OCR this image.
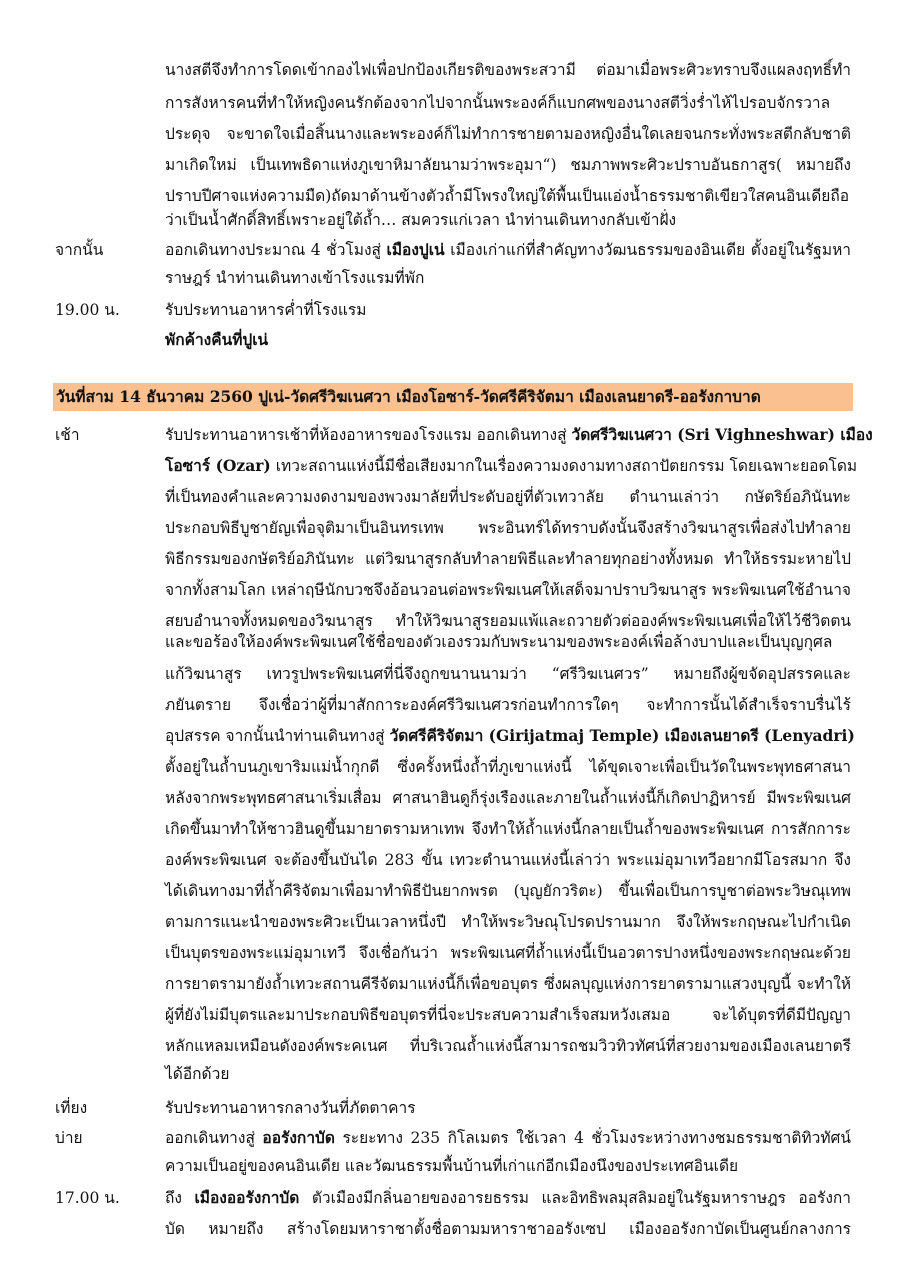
นางสตีจึงทำการโดดเข้ากองไฟเพื่อปกป้องเกียรติของพระสวามี ต่อมาเมื่อพระศิวะทราบจึงแผลงฤทธิ์ทำ
การสังหารคนที่ทำให้หญิงคนรักต้องจากไปจากนั้นพระองค์ก็แบกศพของนางสตีวิ่งร่ำไห้ไปรอบจักรวาล
ประดุจ จะขาดใจเมื่อสิ้นนางและพระองค์ก็ไม่ทำการชายตามองหญิงอื่นใดเลยจนกระทั่งพระสตีกลับชาติ
มาเกิดใหม่ เป็นเทพธิดาแห่งภูเขาหิมาลัยนามว่าพระอุมา“) ชมภาพพระศิวะปราบอันธกาสูร( หมายถึง
ปราบปีศาจแห่งความมืด)ถัดมาด้านข้างตัวถ้ำมีโพรงใหญ่ใต้พื้นเป็นแอ่งน้ำธรรมชาติเขียวใสคนอินเดียถือ
ว่าเป็นน้ำศักดิ์สิทธิ์เพราะอยู่ใต้ถ้ำ… สมควรแก่เวลา นำท่านเดินทางกลับเข้าฝั่ง
จากนั้น	ออกเดินทางประมาณ 4 ชั่วโมงสู่ เมืองปูเน่ เมืองเก่าแก่ที่สำคัญทางวัฒนธรรมของอินเดีย ตั้งอยู่ในรัฐมหา
ราษฎร์ นำท่านเดินทางเข้าโรงแรมที่พัก
19.00 น.	รับประทานอาหารค่ำที่โรงแรม
พักค้างคืนที่ปูเน่
วันที่สาม 14 ธันวาคม 2560 ปูเน่-วัดศรีวิฆเนศวา เมืองโอซาร์-วัดศรีคีริจัตมา เมืองเลนยาดรี-ออรังกาบาด
เช้า	รับประทานอาหารเช้าที่ห้องอาหารของโรงแรม ออกเดินทางสู่ วัดศรีวิฆเนศวา (Sri Vighneshwar) เมือง
โอซาร์ (Ozar) เทวะสถานแห่งนี้มีชื่อเสียงมากในเรื่องความงดงามทางสถาปัตยกรรม โดยเฉพาะยอดโดม
ที่เป็นทองคำและความงดงามของพวงมาลัยที่ประดับอยู่ที่ตัวเทวาลัย ตำนานเล่าว่า กษัตริย์อภินันทะ
ประกอบพิธีบูชายัญเพื่อจุติมาเป็นอินทรเทพ พระอินทร์ได้ทราบดังนั้นจึงสร้างวิฆนาสูรเพื่อส่งไปทำลาย
พิธีกรรมของกษัตริย์อภินันทะ แต่วิฆนาสูรกลับทำลายพิธีและทำลายทุกอย่างทั้งหมด ทำให้ธรรมะหายไป
จากทั้งสามโลก เหล่าฤษีนักบวชจึงอ้อนวอนต่อพระพิฆเนศให้เสด็จมาปราบวิฆนาสูร พระพิฆเนศใช้อำนาจ
สยบอำนาจทั้งหมดของวิฆนาสูร ทำให้วิฆนาสูรยอมแพ้และถวายตัวต่อองค์พระพิฆเนศเพื่อให้ไว้ชีวิตตน
และขอร้องให้องค์พระพิฆเนศใช้ชื่อของตัวเองรวมกับพระนามของพระองค์เพื่อล้างบาปและเป็นบุญกุศล
แก้วิฆนาสูร เทวรูปพระพิฆเนศที่นี่จึงถูกขนานนามว่า “ศรีวิฆเนศวร” หมายถึงผู้ขจัดอุปสรรคและ
ภยันตราย จึงเชื่อว่าผู้ที่มาสักการะองค์ศรีวิฆเนศวรก่อนทำการใดๆ จะทำการนั้นได้สำเร็จราบรื่นไร้
อุปสรรค จากนั้นนำท่านเดินทางสู่ วัดศรีคีริจัตมา (Girijatmaj Temple) เมืองเลนยาดรี (Lenyadri)
ตั้งอยู่ในถ้ำบนภูเขาริมแม่น้ำกุกดี ซึ่งครั้งหนึ่งถ้ำที่ภูเขาแห่งนี้ ได้ขุดเจาะเพื่อเป็นวัดในพระพุทธศาสนา
หลังจากพระพุทธศาสนาเริ่มเสื่อม ศาสนาฮินดูก็รุ่งเรืองและภายในถ้ำแห่งนี้ก็เกิดปาฏิหารย์ มีพระพิฆเนศ
เกิดขึ้นมาทำให้ชาวฮินดูขึ้นมายาตรามหาเทพ จึงทำให้ถ้ำแห่งนี้กลายเป็นถ้ำของพระพิฆเนศ การสักการะ
องค์พระพิฆเนศ จะต้องขึ้นบันได 283 ขั้น เทวะตำนานแห่งนี้เล่าว่า พระแม่อุมาเทวีอยากมีโอรสมาก จึง
ได้เดินทางมาที่ถ้ำคีริจัตมาเพื่อมาทำพิธีปันยากพรต (บุญยักวริตะ) ขึ้นเพื่อเป็นการบูชาต่อพระวิษณุเทพ
ตามการแนะนำของพระศิวะเป็นเวลาหนึ่งปี ทำให้พระวิษณุโปรดปรานมาก จึงให้พระกฤษณะไปกำเนิด
เป็นบุตรของพระแม่อุมาเทวี จึงเชื่อกันว่า พระพิฆเนศที่ถ้ำแห่งนี้เป็นอวตารปางหนึ่งของพระกฤษณะด้วย
การยาตรามายังถ้ำเทวะสถานคีรีจัตมาแห่งนี้ก็เพื่อขอบุตร ซึ่งผลบุญแห่งการยาตรามาแสวงบุญนี้ จะทำให้
ผู้ที่ยังไม่มีบุตรและมาประกอบพิธีขอบุตรที่นี่จะประสบความสำเร็จสมหวังเสมอ จะได้บุตรที่ดีมีปัญญา
หลักแหลมเหมือนดังองค์พระคเนศ ที่บริเวณถ้ำแห่งนี้สามารถชมวิวทิวทัศน์ที่สวยงามของเมืองเลนยาตรี
ได้อีกด้วย
เที่ยง	รับประทานอาหารกลางวันที่ภัตตาคาร
บ่าย	ออกเดินทางสู่ ออรังกาบัด ระยะทาง 235 กิโลเมตร ใช้เวลา 4 ชั่วโมงระหว่างทางชมธรรมชาติทิวทัศน์
ความเป็นอยู่ของคนอินเดีย และวัฒนธรรมพื้นบ้านที่เก่าแก่อีกเมืองนึงของประเทศอินเดีย
17.00 น.	ถึง เมืองออรังกาบัด ตัวเมืองมีกลิ่นอายของอารยธรรม และอิทธิพลมุสลิมอยู่ในรัฐมหาราษฎร ออรังกา
บัด หมายถึง สร้างโดยมหาราชาตั้งชื่อตามมหาราชาออรังเซป เมืองออรังกาบัดเป็นศูนย์กลางการ
